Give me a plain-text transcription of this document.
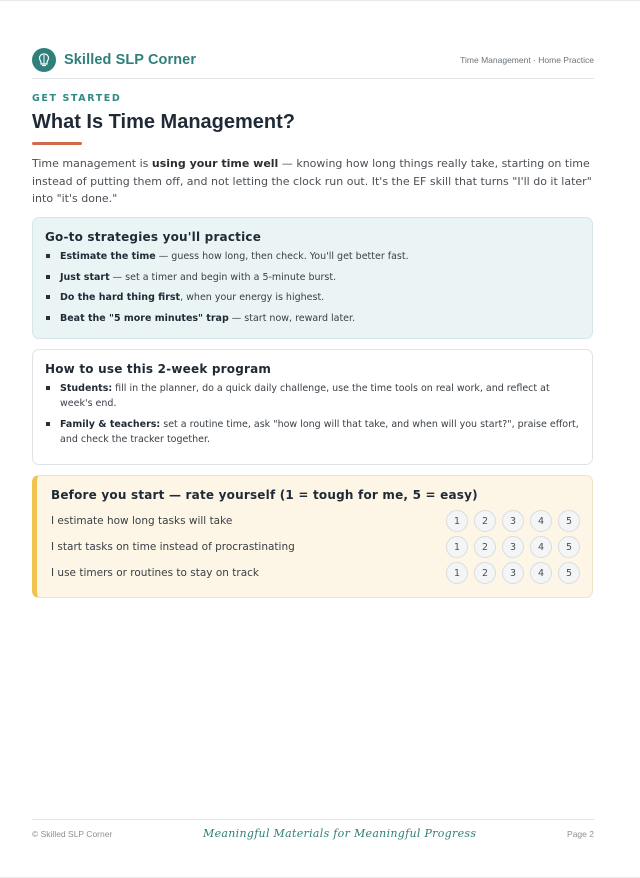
Skilled SLP Corner	Time Management · Home Practice
GET STARTED
What Is Time Management?

Time management is using your time well — knowing how long things really take, starting on time instead of putting them off, and not letting the clock run out. It's the EF skill that turns "I'll do it later" into "it's done."

Go-to strategies you'll practice
Estimate the time — guess how long, then check. You'll get better fast.
Just start — set a timer and begin with a 5-minute burst.
Do the hard thing first, when your energy is highest.
Beat the "5 more minutes" trap — start now, reward later.
How to use this 2-week program
Students: fill in the planner, do a quick daily challenge, use the time tools on real work, and reflect at week's end.
Family & teachers: set a routine time, ask "how long will that take, and when will you start?", praise effort, and check the tracker together.
Before you start — rate yourself (1 = tough for me, 5 = easy)
I estimate how long tasks will take	1	2	3	4	5
I start tasks on time instead of procrastinating	1	2	3	4	5
I use timers or routines to stay on track	1	2	3	4	5
© Skilled SLP Corner	Meaningful Materials for Meaningful Progress	Page 2
